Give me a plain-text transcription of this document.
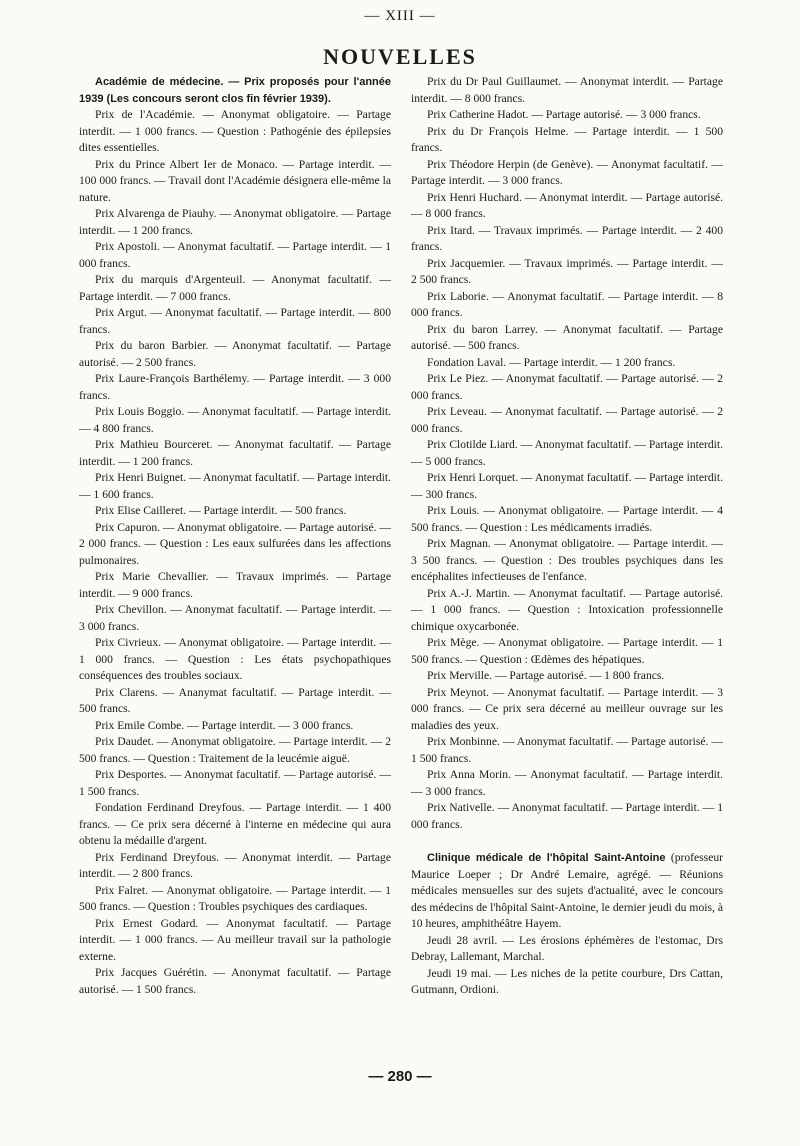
— XIII —
NOUVELLES

Académie de médecine. — Prix proposés pour l'année 1939 (Les concours seront clos fin février 1939).

Prix de l'Académie. — Anonymat obligatoire. — Partage interdit. — 1 000 francs. — Question : Pathogénie des épilepsies dites essentielles.

Prix du Prince Albert Ier de Monaco. — Partage interdit. — 100 000 francs. — Travail dont l'Académie désignera elle-même la nature.

Prix Alvarenga de Piauhy. — Anonymat obligatoire. — Partage interdit. — 1 200 francs.

Prix Apostoli. — Anonymat facultatif. — Partage interdit. — 1 000 francs.

Prix du marquis d'Argenteuil. — Anonymat facultatif. — Partage interdit. — 7 000 francs.

Prix Argut. — Anonymat facultatif. — Partage interdit. — 800 francs.

Prix du baron Barbier. — Anonymat facultatif. — Partage autorisé. — 2 500 francs.

Prix Laure-François Barthélemy. — Partage interdit. — 3 000 francs.

Prix Louis Boggio. — Anonymat facultatif. — Partage interdit. — 4 800 francs.

Prix Mathieu Bourceret. — Anonymat facultatif. — Partage interdit. — 1 200 francs.

Prix Henri Buignet. — Anonymat facultatif. — Partage interdit. — 1 600 francs.

Prix Elise Cailleret. — Partage interdit. — 500 francs.

Prix Capuron. — Anonymat obligatoire. — Partage autorisé. — 2 000 francs. — Question : Les eaux sulfurées dans les affections pulmonaires.

Prix Marie Chevallier. — Travaux imprimés. — Partage interdit. — 9 000 francs.

Prix Chevillon. — Anonymat facultatif. — Partage interdit. — 3 000 francs.

Prix Civrieux. — Anonymat obligatoire. — Partage interdit. — 1 000 francs. — Question : Les états psychopathiques conséquences des troubles sociaux.

Prix Clarens. — Ananymat facultatif. — Partage interdit. — 500 francs.

Prix Emile Combe. — Partage interdit. — 3 000 francs.

Prix Daudet. — Anonymat obligatoire. — Partage interdit. — 2 500 francs. — Question : Traitement de la leucémie aiguë.

Prix Desportes. — Anonymat facultatif. — Partage autorisé. — 1 500 francs.

Fondation Ferdinand Dreyfous. — Partage interdit. — 1 400 francs. — Ce prix sera décerné à l'interne en médecine qui aura obtenu la médaille d'argent.

Prix Ferdinand Dreyfous. — Anonymat interdit. — Partage interdit. — 2 800 francs.

Prix Falret. — Anonymat obligatoire. — Partage interdit. — 1 500 francs. — Question : Troubles psychiques des cardiaques.

Prix Ernest Godard. — Anonymat facultatif. — Partage interdit. — 1 000 francs. — Au meilleur travail sur la pathologie externe.

Prix Jacques Guérétin. — Anonymat facultatif. — Partage autorisé. — 1 500 francs.

Prix du Dr Paul Guillaumet. — Anonymat interdit. — Partage interdit. — 8 000 francs.

Prix Catherine Hadot. — Partage autorisé. — 3 000 francs.

Prix du Dr François Helme. — Partage interdit. — 1 500 francs.

Prix Théodore Herpin (de Genève). — Anonymat facultatif. — Partage interdit. — 3 000 francs.

Prix Henri Huchard. — Anonymat interdit. — Partage autorisé. — 8 000 francs.

Prix Itard. — Travaux imprimés. — Partage interdit. — 2 400 francs.

Prix Jacquemier. — Travaux imprimés. — Partage interdit. — 2 500 francs.

Prix Laborie. — Anonymat facultatif. — Partage interdit. — 8 000 francs.

Prix du baron Larrey. — Anonymat facultatif. — Partage autorisé. — 500 francs.

Fondation Laval. — Partage interdit. — 1 200 francs.

Prix Le Piez. — Anonymat facultatif. — Partage autorisé. — 2 000 francs.

Prix Leveau. — Anonymat facultatif. — Partage autorisé. — 2 000 francs.

Prix Clotilde Liard. — Anonymat facultatif. — Partage interdit. — 5 000 francs.

Prix Henri Lorquet. — Anonymat facultatif. — Partage interdit. — 300 francs.

Prix Louis. — Anonymat obligatoire. — Partage interdit. — 4 500 francs. — Question : Les médicaments irradiés.

Prix Magnan. — Anonymat obligatoire. — Partage interdit. — 3 500 francs. — Question : Des troubles psychiques dans les encéphalites infectieuses de l'enfance.

Prix A.-J. Martin. — Anonymat facultatif. — Partage autorisé. — 1 000 francs. — Question : Intoxication professionnelle chimique oxycarbonée.

Prix Mège. — Anonymat obligatoire. — Partage interdit. — 1 500 francs. — Question : Œdèmes des hépatiques.

Prix Merville. — Partage autorisé. — 1 800 francs.

Prix Meynot. — Anonymat facultatif. — Partage interdit. — 3 000 francs. — Ce prix sera décerné au meilleur ouvrage sur les maladies des yeux.

Prix Monbinne. — Anonymat facultatif. — Partage autorisé. — 1 500 francs.

Prix Anna Morin. — Anonymat facultatif. — Partage interdit. — 3 000 francs.

Prix Nativelle. — Anonymat facultatif. — Partage interdit. — 1 000 francs.

Clinique médicale de l'hôpital Saint-Antoine (professeur Maurice Loeper ; Dr André Lemaire, agrégé. — Réunions médicales mensuelles sur des sujets d'actualité, avec le concours des médecins de l'hôpital Saint-Antoine, le dernier jeudi du mois, à 10 heures, amphithéâtre Hayem.

Jeudi 28 avril. — Les érosions éphémères de l'estomac, Drs Debray, Lallemant, Marchal.

Jeudi 19 mai. — Les niches de la petite courbure, Drs Cattan, Gutmann, Ordioni.

— 280 —
